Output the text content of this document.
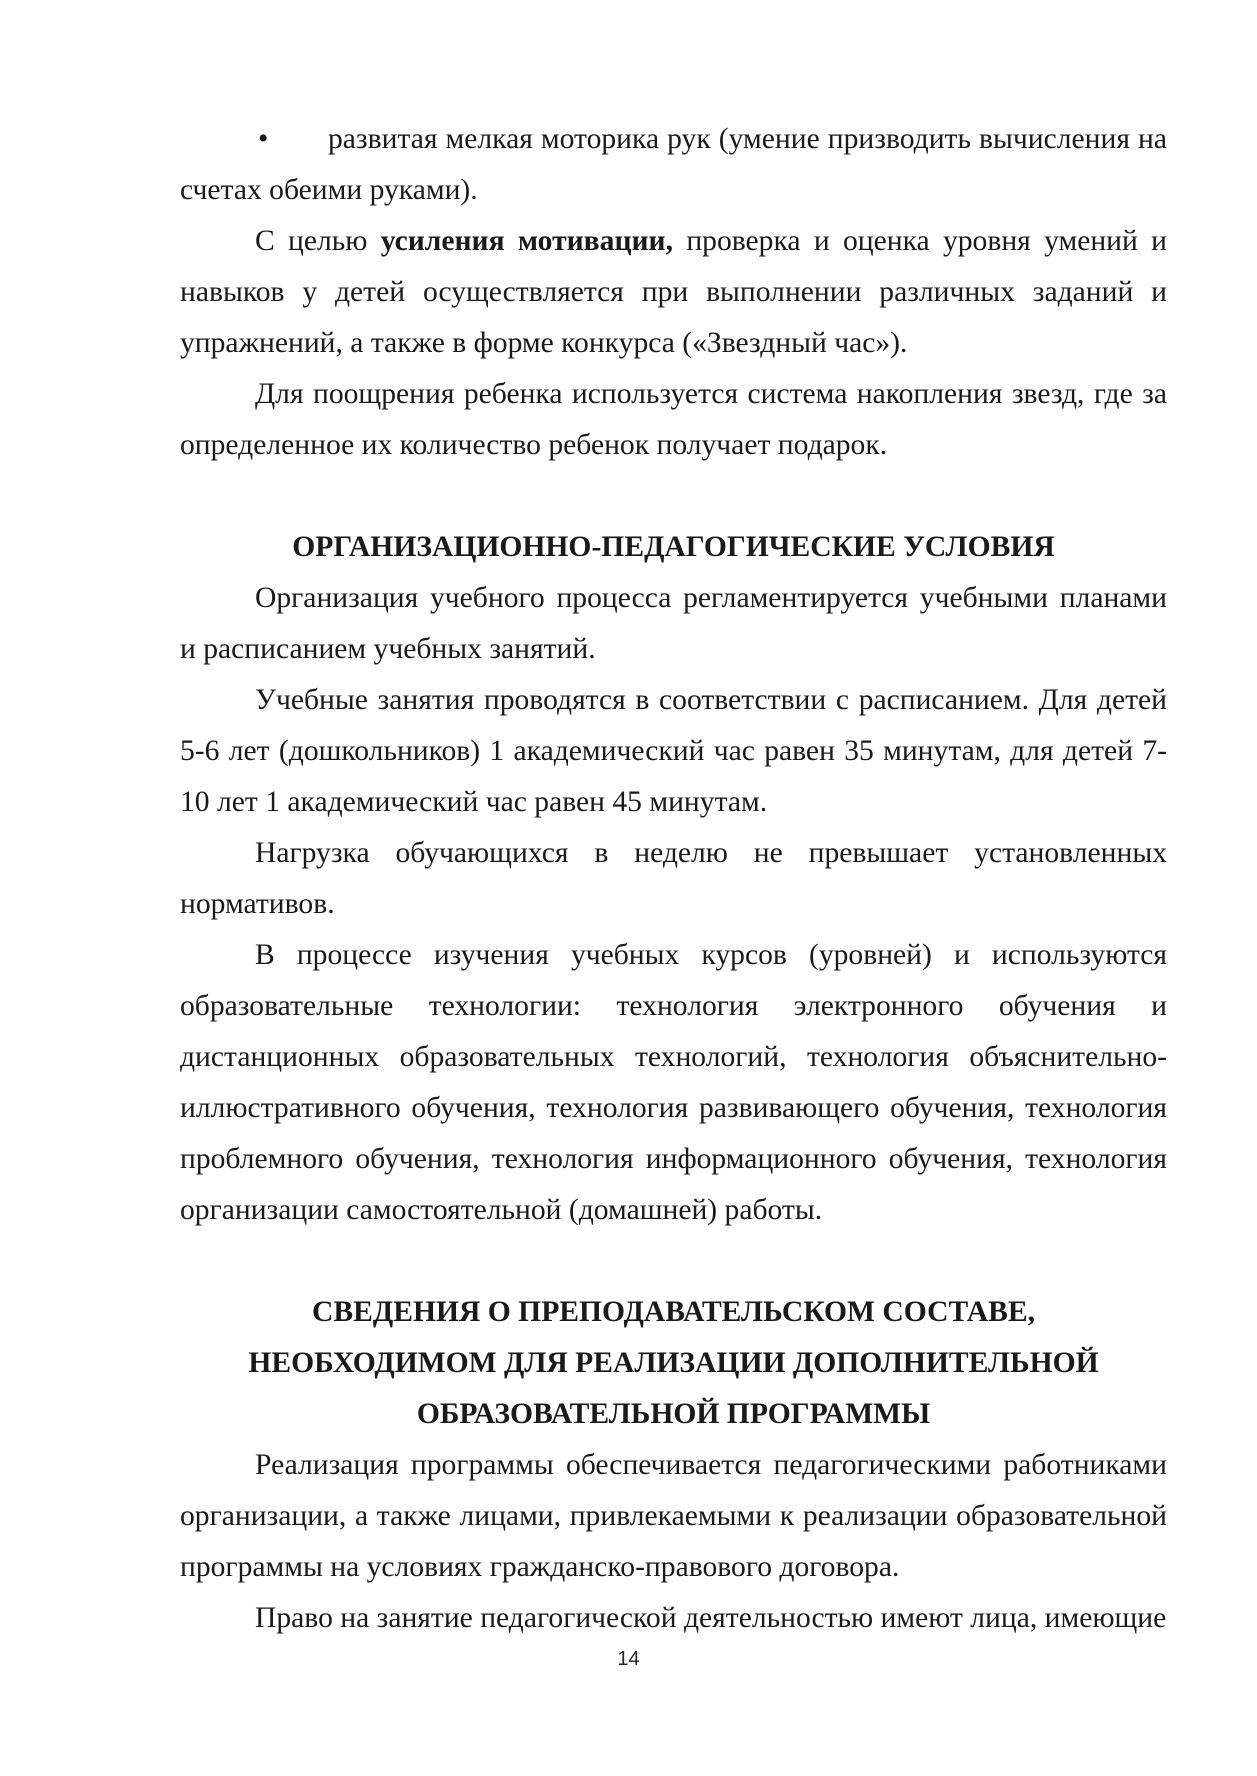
• развитая мелкая моторика рук (умение призводить вычисления на счетах обеими руками).

С целью усиления мотивации, проверка и оценка уровня умений и навыков у детей осуществляется при выполнении различных заданий и упражнений, а также в форме конкурса («Звездный час»).

Для поощрения ребенка используется система накопления звезд, где за определенное их количество ребенок получает подарок.

ОРГАНИЗАЦИОННО-ПЕДАГОГИЧЕСКИЕ УСЛОВИЯ

Организация учебного процесса регламентируется учебными планами и расписанием учебных занятий.

Учебные занятия проводятся в соответствии с расписанием. Для детей 5-6 лет (дошкольников) 1 академический час равен 35 минутам, для детей 7-10 лет 1 академический час равен 45 минутам.

Нагрузка обучающихся в неделю не превышает установленных нормативов.

В процессе изучения учебных курсов (уровней) и используются образовательные технологии: технология электронного обучения и дистанционных образовательных технологий, технология объяснительно-иллюстративного обучения, технология развивающего обучения, технология проблемного обучения, технология информационного обучения, технология организации самостоятельной (домашней) работы.

СВЕДЕНИЯ О ПРЕПОДАВАТЕЛЬСКОМ СОСТАВЕ,
НЕОБХОДИМОМ ДЛЯ РЕАЛИЗАЦИИ ДОПОЛНИТЕЛЬНОЙ
ОБРАЗОВАТЕЛЬНОЙ ПРОГРАММЫ

Реализация программы обеспечивается педагогическими работниками организации, а также лицами, привлекаемыми к реализации образовательной программы на условиях гражданско-правового договора.

Право на занятие педагогической деятельностью имеют лица, имеющие

14
